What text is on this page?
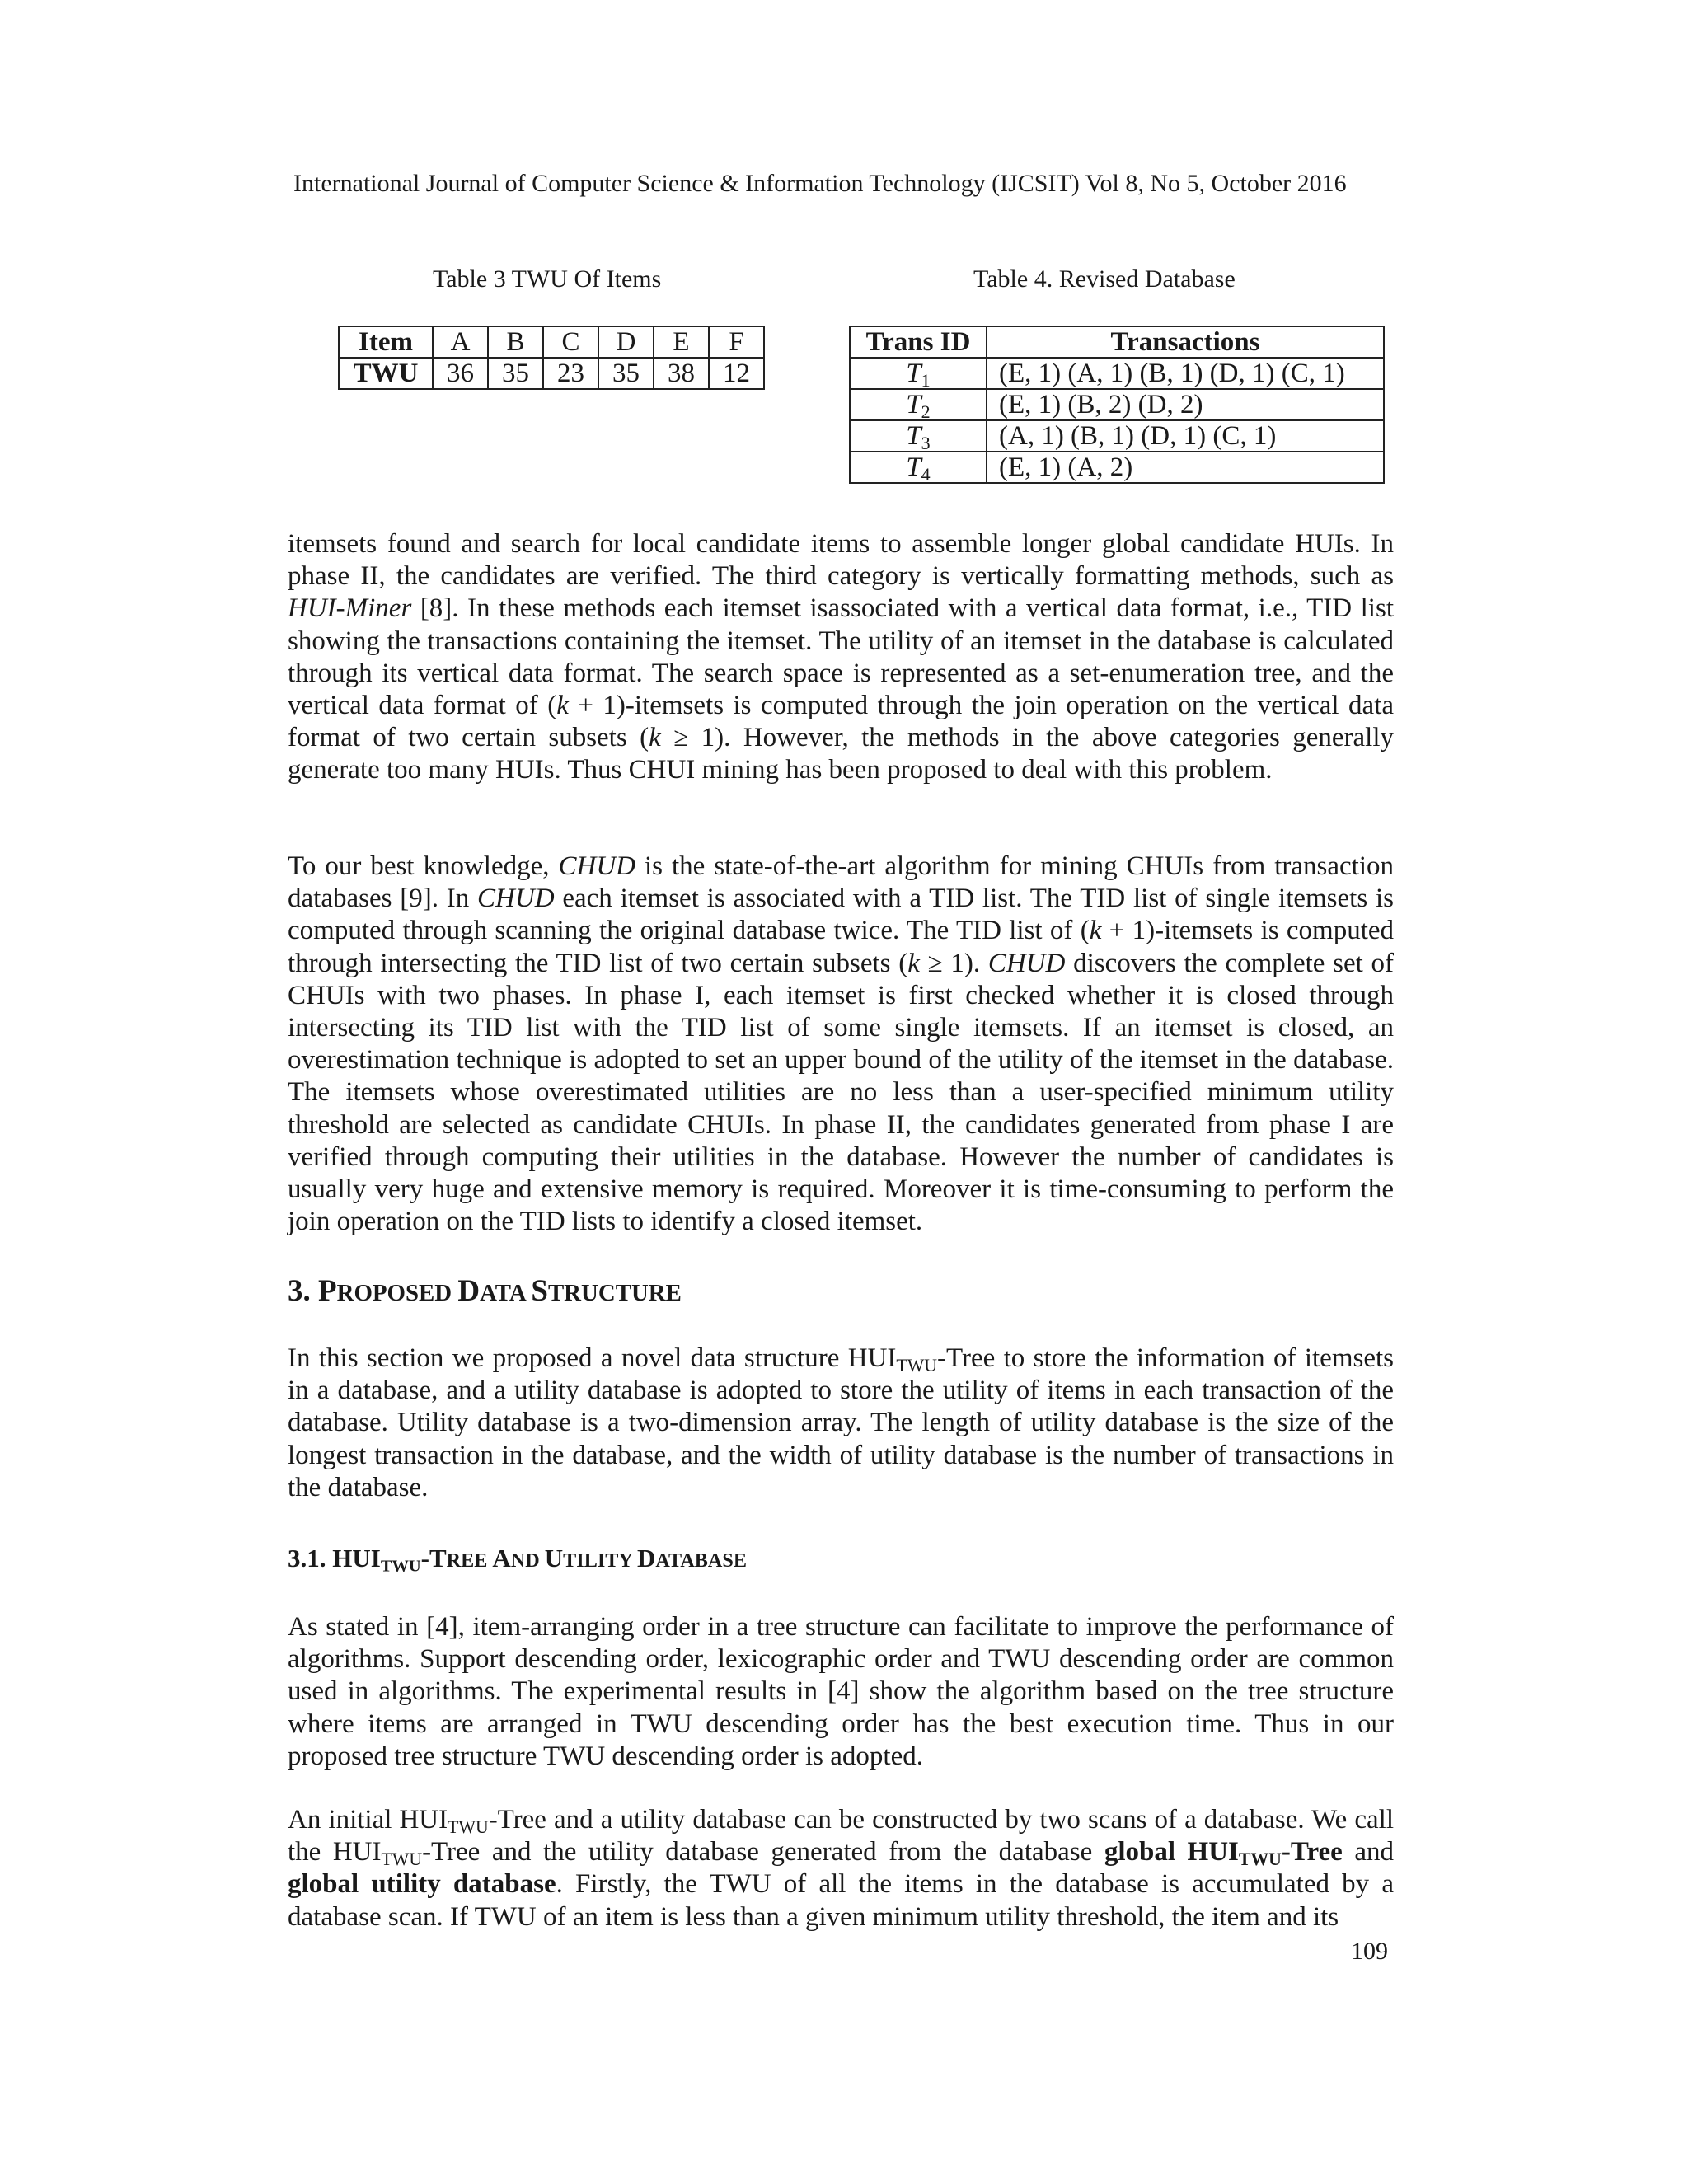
International Journal of Computer Science & Information Technology (IJCSIT) Vol 8, No 5, October 2016
Table 3 TWU Of Items	Table 4. Revised Database
Item	A	B	C	D	E	F
TWU	36	35	23	35	38	12
Trans ID	Transactions
$T_1$	(E, 1) (A, 1) (B, 1) (D, 1) (C, 1)
$T_2$	(E, 1) (B, 2) (D, 2)
$T_3$	(A, 1) (B, 1) (D, 1) (C, 1)
$T_4$	(E, 1) (A, 2)

itemsets found and search for local candidate items to assemble longer global candidate HUIs. In phase II, the candidates are verified. The third category is vertically formatting methods, such as HUI-Miner [8]. In these methods each itemset isassociated with a vertical data format, i.e., TID list showing the transactions containing the itemset. The utility of an itemset in the database is calculated through its vertical data format. The search space is represented as a set-enumeration tree, and the vertical data format of (k + 1)-itemsets is computed through the join operation on the vertical data format of two certain subsets (k ≥ 1). However, the methods in the above categories generally generate too many HUIs. Thus CHUI mining has been proposed to deal with this problem.

To our best knowledge, CHUD is the state-of-the-art algorithm for mining CHUIs from transaction databases [9]. In CHUD each itemset is associated with a TID list. The TID list of single itemsets is computed through scanning the original database twice. The TID list of (k + 1)-itemsets is computed through intersecting the TID list of two certain subsets (k ≥ 1). CHUD discovers the complete set of CHUIs with two phases. In phase I, each itemset is first checked whether it is closed through intersecting its TID list with the TID list of some single itemsets. If an itemset is closed, an overestimation technique is adopted to set an upper bound of the utility of the itemset in the database. The itemsets whose overestimated utilities are no less than a user-specified minimum utility threshold are selected as candidate CHUIs. In phase II, the candidates generated from phase I are verified through computing their utilities in the database. However the number of candidates is usually very huge and extensive memory is required. Moreover it is time-consuming to perform the join operation on the TID lists to identify a closed itemset.

3. PROPOSED DATA STRUCTURE

In this section we proposed a novel data structure $HUI_{TWU}$-Tree to store the information of itemsets in a database, and a utility database is adopted to store the utility of items in each transaction of the database. Utility database is a two-dimension array. The length of utility database is the size of the longest transaction in the database, and the width of utility database is the number of transactions in the database.

3.1. $HUI_{TWU}$-TREE AND UTILITY DATABASE

As stated in [4], item-arranging order in a tree structure can facilitate to improve the performance of algorithms. Support descending order, lexicographic order and TWU descending order are common used in algorithms. The experimental results in [4] show the algorithm based on the tree structure where items are arranged in TWU descending order has the best execution time. Thus in our proposed tree structure TWU descending order is adopted.

An initial $HUI_{TWU}$-Tree and a utility database can be constructed by two scans of a database. We call the $HUI_{TWU}$-Tree and the utility database generated from the database global $HUI_{TWU}$-Tree and global utility database. Firstly, the TWU of all the items in the database is accumulated by a database scan. If TWU of an item is less than a given minimum utility threshold, the item and its

109
